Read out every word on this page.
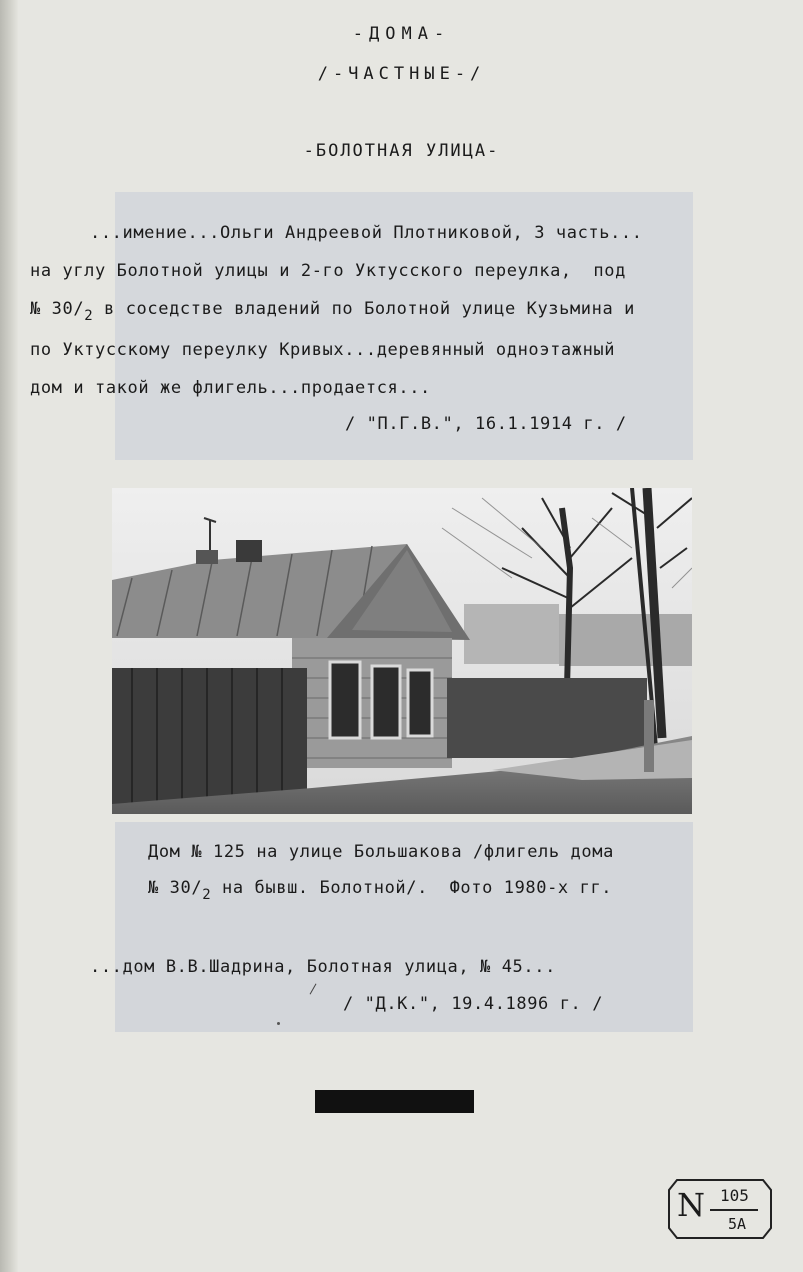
-ДОМА-
/-ЧАСТНЫЕ-/
-БОЛОТНАЯ УЛИЦА-
...имение...Ольги Андреевой Плотниковой, 3 часть...
на углу Болотной улицы и 2-го Уктусского переулка,  под
№ $30/_2$ в соседстве владений по Болотной улице Кузьмина и
по Уктусскому переулку Кривых...деревянный одноэтажный
дом и такой же флигель...продается...
/ "П.Г.В.", 16.1.1914 г. /
Дом № 125 на улице Большакова /флигель дома
№ $30/_2$ на бывш. Болотной/.  Фото 1980-х гг.
...дом В.В.Шадрина, Болотная улица, № 45...
/ "Д.К.", 19.4.1896 г. /
N 105
5А
